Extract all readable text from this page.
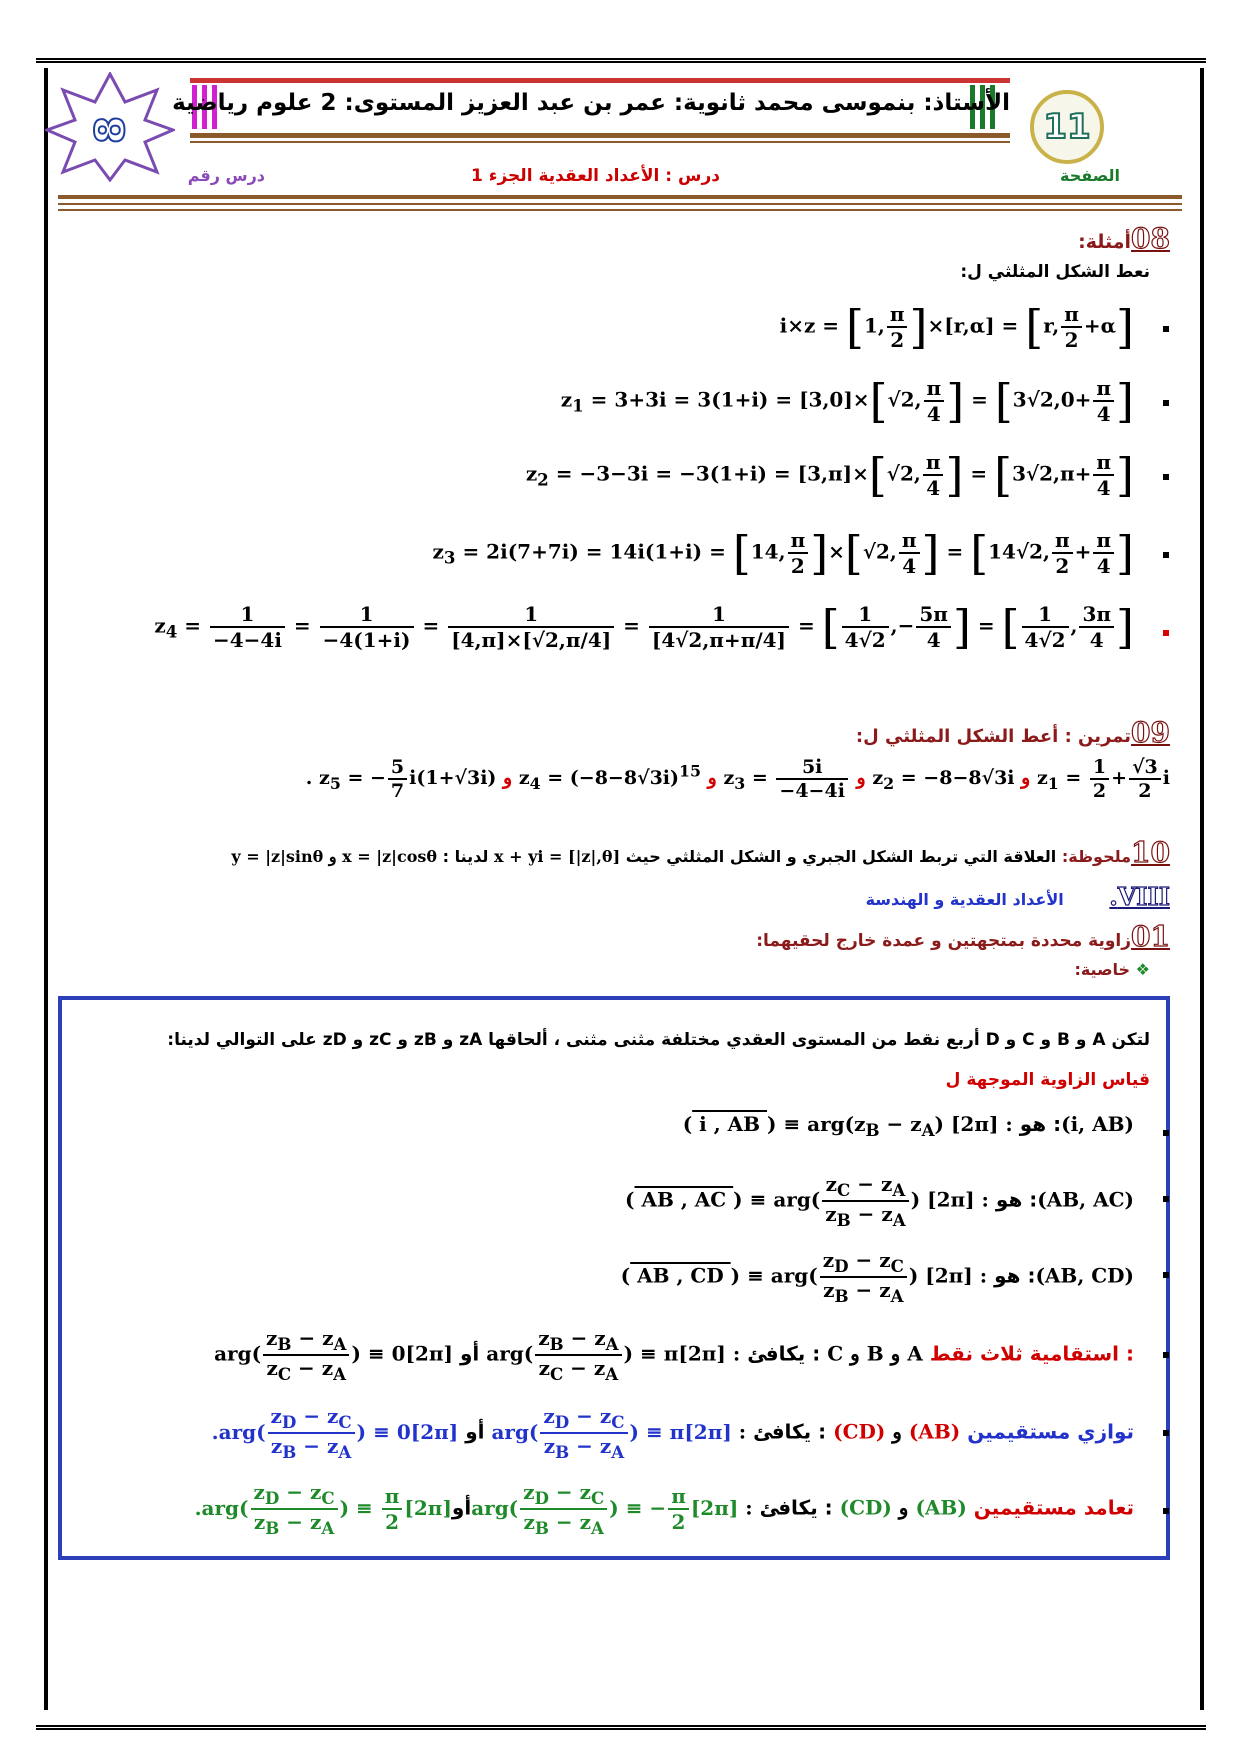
الأستاذ: بنموسى محمد ثانوية: عمر بن عبد العزيز المستوى: 2 علوم رياضية
11
8
الصفحة
درس : الأعداد العقدية الجزء 1
درس رقم
08أمثلة:
نعط الشكل المثلثي ل:
i×z = [1, $\frac{\pi}{2} ]\times[r,\alpha] = [r$, $\frac{\pi}{2} +\alpha$]
$z_1 = 3+3i = 3(1+i) = [3,0]\times[√2$, $\frac{\pi}{4}$ ] = [$3√2,0+ \frac{\pi}{4}$ ]
$z_2 = -3-3i = -3(1+i) = [3,\pi]\times[√2$, $\frac{\pi}{4}$ ] = [$3√2,\pi+ \frac{\pi}{4}$ ]
$z_3 = 2i(7+7i) = 14i(1+i) = [14$, $\frac{\pi}{2} ]\times[√2$, $\frac{\pi}{4}$ ] = [14√2, $\frac{\pi}{2} + \frac{\pi}{4}$ ]
$z_4 = \frac{1}{-4-4i} = \frac{1}{-4(1+i)} = \frac{1}{[4,\pi]\times[√2,\pi/4]} = \frac{1}{[4√2,\pi+\pi/4]}$ = [ $\frac{1}{4√2}$ ,− $\frac{5\pi}{4}$ ] = [ $\frac{1}{4√2}$ , $\frac{3\pi}{4}$ ]
09تمرين : أعط الشكل المثلثي ل:
. $z_5$ = − $\frac{5}{7} i(1+√3i)$ و $z_4 = (-8-8√3i)^{15}$ و $z_3 = \frac{5i}{-4-4i}$ و $z_2 = -8-8√3i$ و $z_1 = \frac{1}{2} + \frac{√3}{2}$ i
10ملحوظة: العلاقة التي تربط الشكل الجبري و الشكل المثلثي حيث x + yi = [|z|,θ] لدينا : y = |z|sinθ و x = |z|cosθ
VIII. الأعداد العقدية و الهندسة
01زاوية محددة بمتجهتين و عمدة خارج لحقيهما:
❖ خاصية:
لتكن A و B و C و D أربع نقط من المستوى العقدي مختلفة مثنى مثنى ، ألحاقها zA و zB و zC و zD على التوالي لدينا:
قياس الزاوية الموجهة ل
( i , AB ) ≡ $arg(z_B - z_A)$ [2π] : هو :(i, AB)
( AB , AC ) ≡ $arg( \frac{z_C - z_A}{z_B - z_A}$ ) [2π] : هو :(AB, AC)
( AB , CD ) ≡ $arg( \frac{z_D - z_C}{z_B - z_A}$ ) [2π] : هو :(AB, CD)
$arg( \frac{z_B - z_A}{z_C - z_A}$ ) ≡ 0[2π] أو $arg( \frac{z_B - z_A}{z_C - z_A}$ ) ≡ π[2π] : يكافئ : C و B و A استقامية ثلاث نقط :
$.arg( \frac{z_D - z_C}{z_B - z_A}$ ) ≡ 0[2π] أو $arg( \frac{z_D - z_C}{z_B - z_A}$ ) ≡ π[2π] : يكافئ : (CD) و (AB) توازي مستقيمين
$.arg( \frac{z_D - z_C}{z_B - z_A}$ ) ≡ $\frac{\pi}{2}$ [2π]أوarg( $\frac{z_D - z_C}{z_B - z_A}$ ) ≡ − $\frac{\pi}{2} [2\pi]$ : يكافئ : (CD) و (AB) تعامد مستقيمين
